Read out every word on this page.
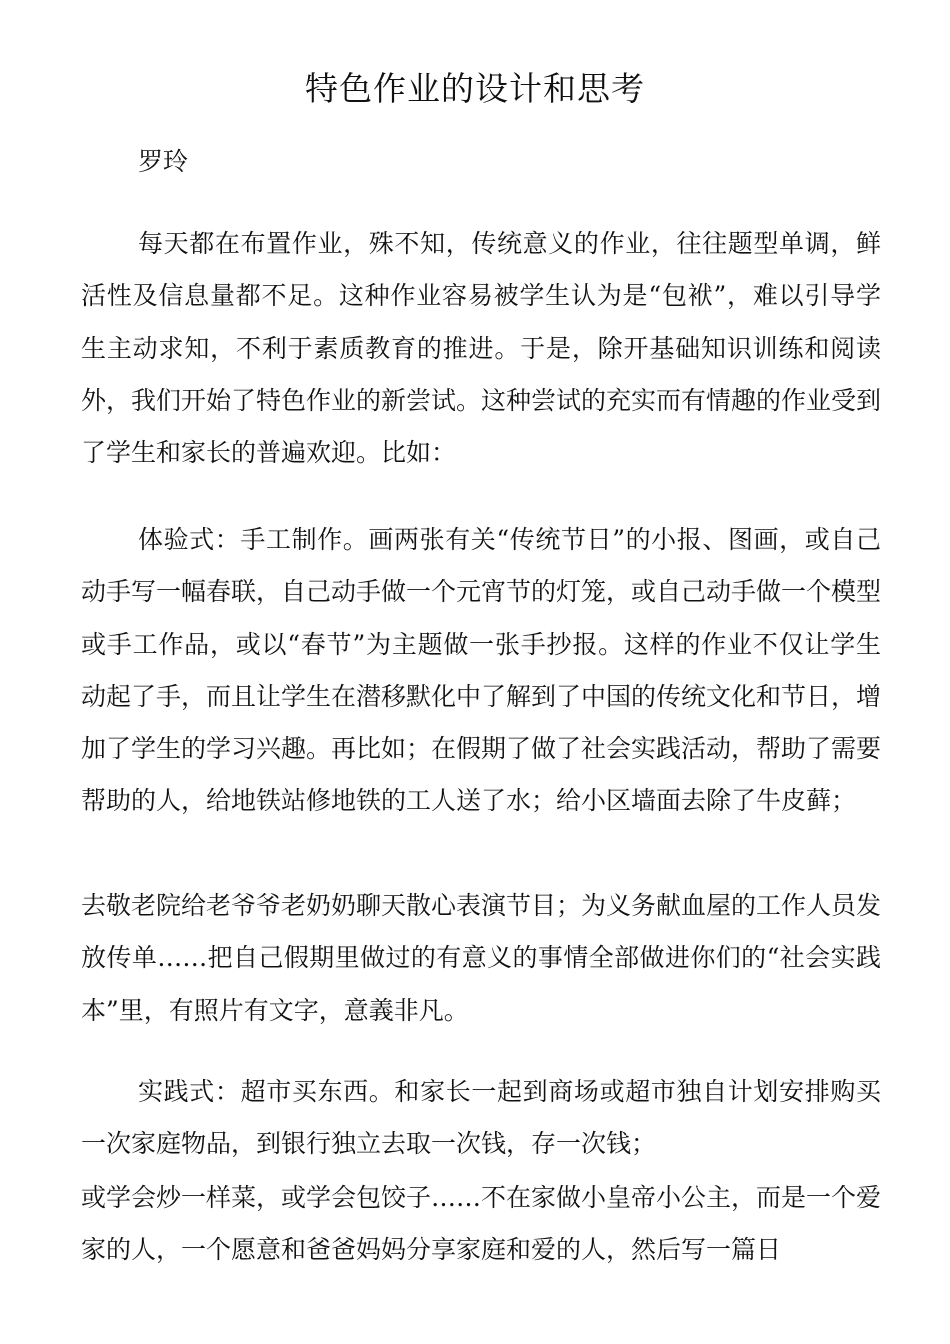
特色作业的设计和思考
罗玲

每天都在布置作业，殊不知，传统意义的作业，往往题型单调，鲜活性及信息量都不足。这种作业容易被学生认为是“包袱”，难以引导学生主动求知，不利于素质教育的推进。于是，除开基础知识训练和阅读外，我们开始了特色作业的新尝试。这种尝试的充实而有情趣的作业受到了学生和家长的普遍欢迎。比如：

体验式：手工制作。画两张有关“传统节日”的小报、图画，或自己动手写一幅春联，自己动手做一个元宵节的灯笼，或自己动手做一个模型或手工作品，或以“春节”为主题做一张手抄报。这样的作业不仅让学生动起了手，而且让学生在潜移默化中了解到了中国的传统文化和节日，增加了学生的学习兴趣。再比如；在假期了做了社会实践活动，帮助了需要帮助的人，给地铁站修地铁的工人送了水；给小区墙面去除了牛皮藓；

去敬老院给老爷爷老奶奶聊天散心表演节目；为义务献血屋的工作人员发放传单……把自己假期里做过的有意义的事情全部做进你们的“社会实践本”里，有照片有文字，意義非凡。

实践式：超市买东西。和家长一起到商场或超市独自计划安排购买一次家庭物品，到银行独立去取一次钱，存一次钱；

或学会炒一样菜，或学会包饺子……不在家做小皇帝小公主，而是一个爱家的人，一个愿意和爸爸妈妈分享家庭和爱的人，然后写一篇日
